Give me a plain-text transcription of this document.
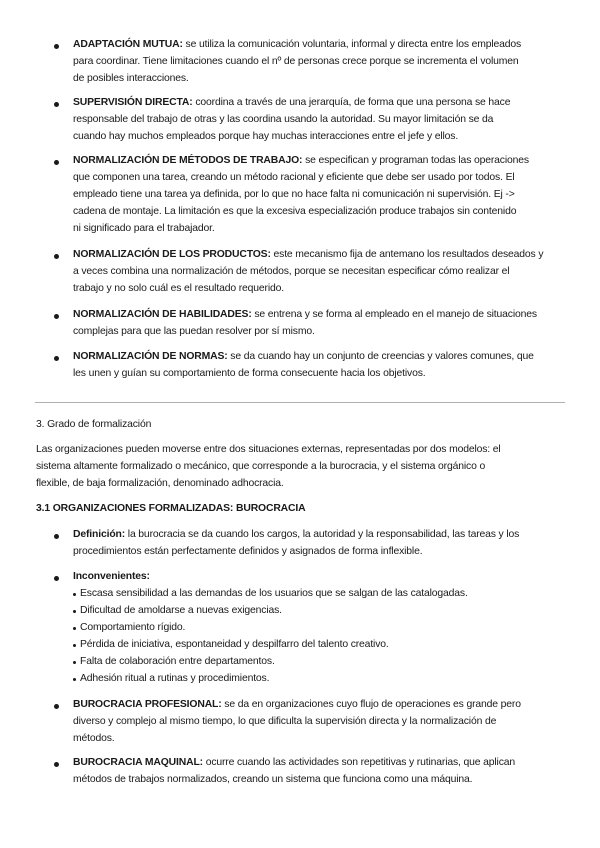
ADAPTACIÓN MUTUA: se utiliza la comunicación voluntaria, informal y directa entre los empleados
para coordinar. Tiene limitaciones cuando el nº de personas crece porque se incrementa el volumen
de posibles interacciones.
SUPERVISIÓN DIRECTA: coordina a través de una jerarquía, de forma que una persona se hace
responsable del trabajo de otras y las coordina usando la autoridad. Su mayor limitación se da
cuando hay muchos empleados porque hay muchas interacciones entre el jefe y ellos.
NORMALIZACIÓN DE MÉTODOS DE TRABAJO: se especifican y programan todas las operaciones
que componen una tarea, creando un método racional y eficiente que debe ser usado por todos. El
empleado tiene una tarea ya definida, por lo que no hace falta ni comunicación ni supervisión. Ej ->
cadena de montaje. La limitación es que la excesiva especialización produce trabajos sin contenido
ni significado para el trabajador.
NORMALIZACIÓN DE LOS PRODUCTOS: este mecanismo fija de antemano los resultados deseados y
a veces combina una normalización de métodos, porque se necesitan especificar cómo realizar el
trabajo y no solo cuál es el resultado requerido.
NORMALIZACIÓN DE HABILIDADES: se entrena y se forma al empleado en el manejo de situaciones
complejas para que las puedan resolver por sí mismo.
NORMALIZACIÓN DE NORMAS: se da cuando hay un conjunto de creencias y valores comunes, que
les unen y guían su comportamiento de forma consecuente hacia los objetivos.
3. Grado de formalización
Las organizaciones pueden moverse entre dos situaciones externas, representadas por dos modelos: el
sistema altamente formalizado o mecánico, que corresponde a la burocracia, y el sistema orgánico o
flexible, de baja formalización, denominado adhocracia.
3.1 ORGANIZACIONES FORMALIZADAS: BUROCRACIA
Definición: la burocracia se da cuando los cargos, la autoridad y la responsabilidad, las tareas y los
procedimientos están perfectamente definidos y asignados de forma inflexible.
Inconvenientes:
Escasa sensibilidad a las demandas de los usuarios que se salgan de las catalogadas.
Dificultad de amoldarse a nuevas exigencias.
Comportamiento rígido.
Pérdida de iniciativa, espontaneidad y despilfarro del talento creativo.
Falta de colaboración entre departamentos.
Adhesión ritual a rutinas y procedimientos.
BUROCRACIA PROFESIONAL: se da en organizaciones cuyo flujo de operaciones es grande pero
diverso y complejo al mismo tiempo, lo que dificulta la supervisión directa y la normalización de
métodos.
BUROCRACIA MAQUINAL: ocurre cuando las actividades son repetitivas y rutinarias, que aplican
métodos de trabajos normalizados, creando un sistema que funciona como una máquina.
